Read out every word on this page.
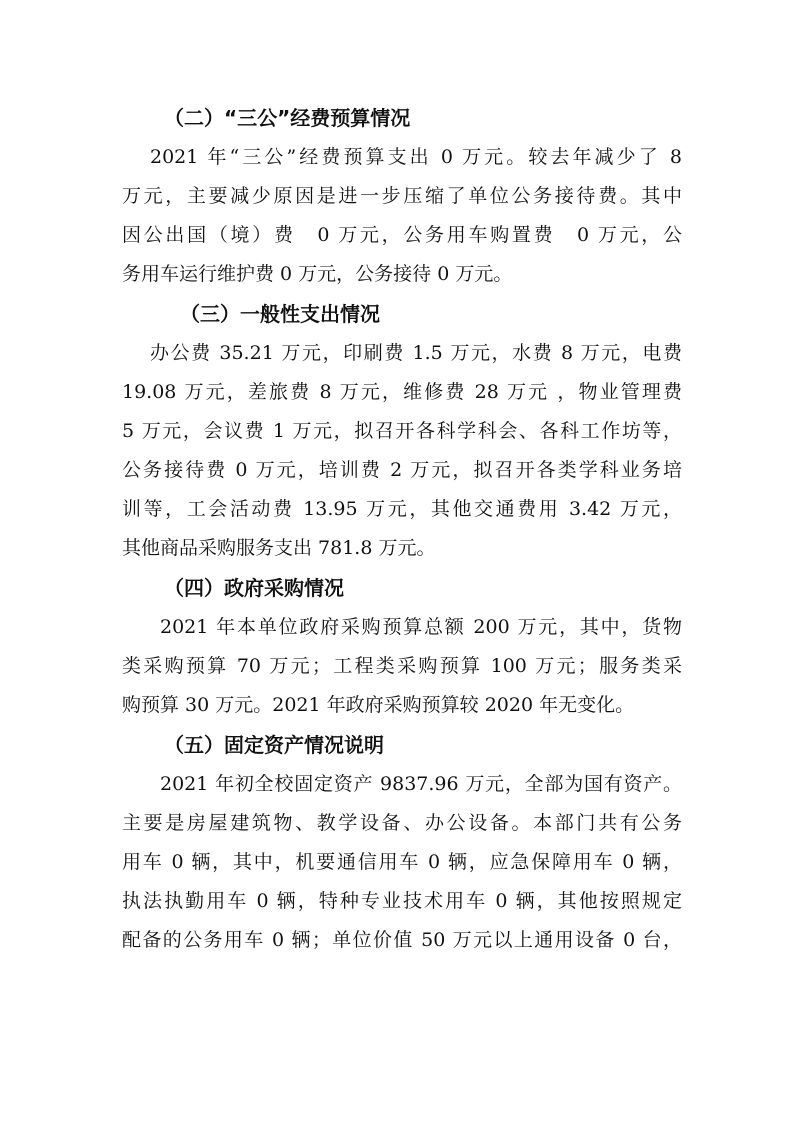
（二）“三公”经费预算情况
2021 年“三公”经费预算支出 0 万元。较去年减少了 8
万元，主要减少原因是进一步压缩了单位公务接待费。其中
因公出国（境）费　0 万元，公务用车购置费　0 万元，公
务用车运行维护费 0 万元，公务接待 0 万元。
（三）一般性支出情况
办公费 35.21 万元，印刷费 1.5 万元，水费 8 万元，电费
19.08 万元，差旅费 8 万元，维修费 28 万元 ，物业管理费
5 万元，会议费 1 万元，拟召开各科学科会、各科工作坊等，
公务接待费 0 万元，培训费 2 万元，拟召开各类学科业务培
训等，工会活动费 13.95 万元，其他交通费用 3.42 万元，
其他商品采购服务支出 781.8 万元。
（四）政府采购情况
2021 年本单位政府采购预算总额 200 万元，其中，货物
类采购预算 70 万元；工程类采购预算 100 万元；服务类采
购预算 30 万元。2021 年政府采购预算较 2020 年无变化。
（五）固定资产情况说明
2021 年初全校固定资产 9837.96 万元，全部为国有资产。
主要是房屋建筑物、教学设备、办公设备。本部门共有公务
用车 0 辆，其中，机要通信用车 0 辆，应急保障用车 0 辆，
执法执勤用车 0 辆，特种专业技术用车 0 辆，其他按照规定
配备的公务用车 0 辆；单位价值 50 万元以上通用设备 0 台，
